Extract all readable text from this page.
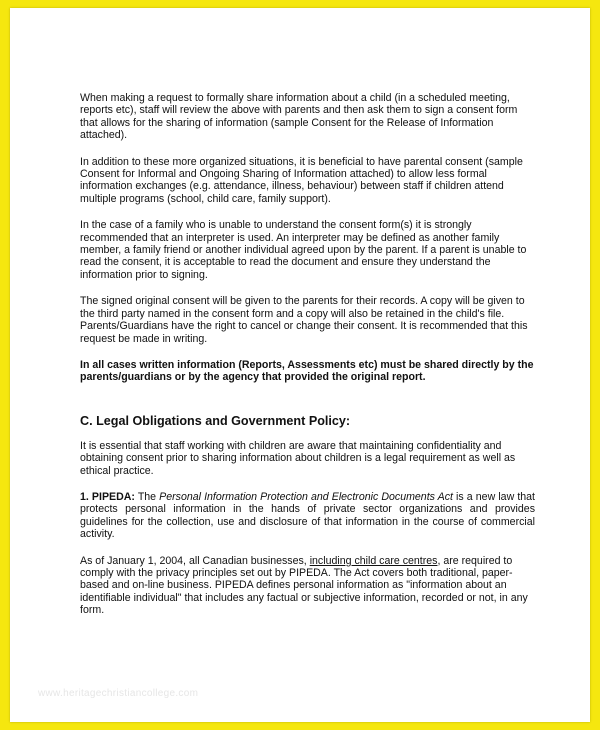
When making a request to formally share information about a child (in a scheduled meeting, reports etc), staff will review the above with parents and then ask them to sign a consent form that allows for the sharing of information (sample Consent for the Release of Information attached).

In addition to these more organized situations, it is beneficial to have parental consent (sample Consent for Informal and Ongoing Sharing of Information attached) to allow less formal information exchanges (e.g. attendance, illness, behaviour) between staff if children attend multiple programs (school, child care, family support).

In the case of a family who is unable to understand the consent form(s) it is strongly recommended that an interpreter is used. An interpreter may be defined as another family member, a family friend or another individual agreed upon by the parent. If a parent is unable to read the consent, it is acceptable to read the document and ensure they understand the information prior to signing.

The signed original consent will be given to the parents for their records. A copy will be given to the third party named in the consent form and a copy will also be retained in the child's file. Parents/Guardians have the right to cancel or change their consent. It is recommended that this request be made in writing.

In all cases written information (Reports, Assessments etc) must be shared directly by the parents/guardians or by the agency that provided the original report.

C. Legal Obligations and Government Policy:

It is essential that staff working with children are aware that maintaining confidentiality and obtaining consent prior to sharing information about children is a legal requirement as well as ethical practice.

1. PIPEDA: The Personal Information Protection and Electronic Documents Act is a new law that protects personal information in the hands of private sector organizations and provides guidelines for the collection, use and disclosure of that information in the course of commercial activity.

As of January 1, 2004, all Canadian businesses, including child care centres, are required to comply with the privacy principles set out by PIPEDA. The Act covers both traditional, paper-based and on-line business. PIPEDA defines personal information as "information about an identifiable individual" that includes any factual or subjective information, recorded or not, in any form.

www.heritagechristiancollege.com
